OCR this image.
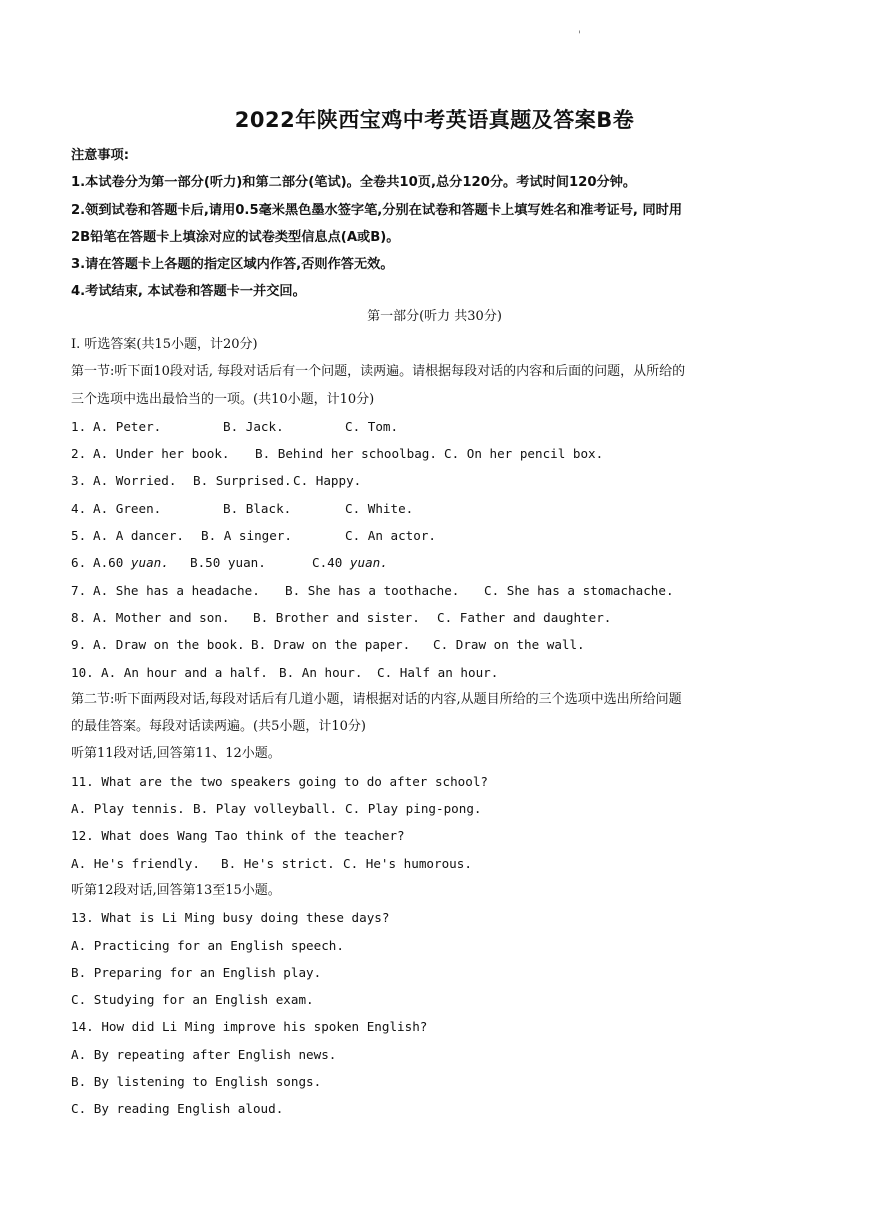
'
2022年陕西宝鸡中考英语真题及答案B卷
注意事项:
1.本试卷分为第一部分(听力)和第二部分(笔试)。全卷共10页,总分120分。考试时间120分钟。
2.领到试卷和答题卡后,请用0.5毫米黑色墨水签字笔,分别在试卷和答题卡上填写姓名和准考证号, 同时用
2B铅笔在答题卡上填涂对应的试卷类型信息点(A或B)。
3.请在答题卡上各题的指定区域内作答,否则作答无效。
4.考试结束, 本试卷和答题卡一并交回。
第一部分(听力 共30分)
I. 听选答案(共15小题，计20分)
第一节:听下面10段对话, 每段对话后有一个问题，读两遍。请根据每段对话的内容和后面的问题，从所给的
三个选项中选出最恰当的一项。(共10小题，计10分)
1. A. Peter.	B. Jack.	C. Tom.
2. A. Under her book. B. Behind her schoolbag. C. On her pencil box.
3. A. Worried. B. Surprised.C. Happy.
4. A. Green.	B. Black.	C. White.
5. A. A dancer. B. A singer.	C. An actor.
6. A.60 yuan. B.50 yuan.	C.40 yuan.
7. A. She has a headache. B. She has a toothache. C. She has a stomachache.
8. A. Mother and son. B. Brother and sister. C. Father and daughter.
9. A. Draw on the book. B. Draw on the paper. C. Draw on the wall.
10. A. An hour and a half. B. An hour. C. Half an hour.
第二节:听下面两段对话,每段对话后有几道小题，请根据对话的内容,从题目所给的三个选项中选出所给问题
的最佳答案。每段对话读两遍。(共5小题，计10分)
听第11段对话,回答第11、12小题。
11. What are the two speakers going to do after school?
A. Play tennis. B. Play volleyball. C. Play ping-pong.
12. What does Wang Tao think of the teacher?
A. He's friendly. B. He's strict. C. He's humorous.
听第12段对话,回答第13至15小题。
13. What is Li Ming busy doing these days?
A. Practicing for an English speech.
B. Preparing for an English play.
C. Studying for an English exam.
14. How did Li Ming improve his spoken English?
A. By repeating after English news.
B. By listening to English songs.
C. By reading English aloud.
